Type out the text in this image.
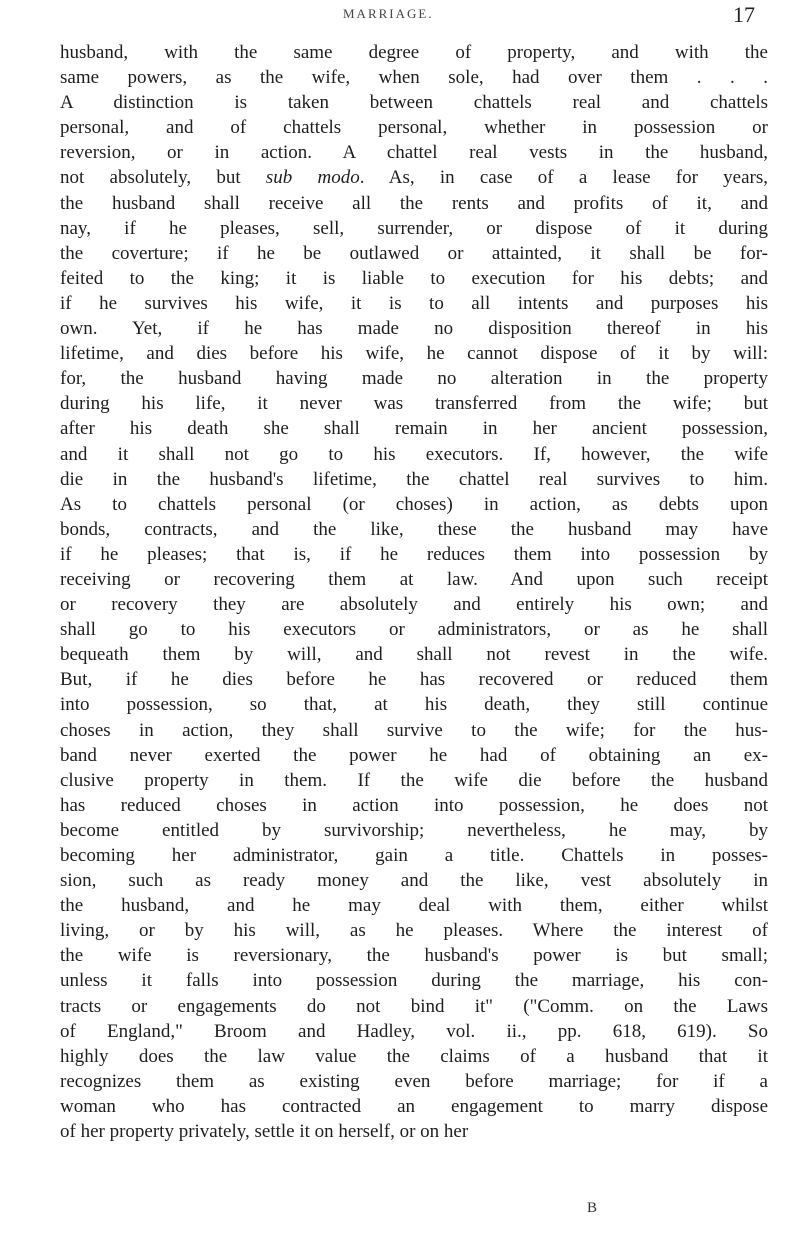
MARRIAGE.	17
husband, with the same degree of property, and with the
same powers, as the wife, when sole, had over them . . .
A distinction is taken between chattels real and chattels
personal, and of chattels personal, whether in possession or
reversion, or in action. A chattel real vests in the husband,
not absolutely, but sub modo. As, in case of a lease for years,
the husband shall receive all the rents and profits of it, and
nay, if he pleases, sell, surrender, or dispose of it during
the coverture; if he be outlawed or attainted, it shall be for-
feited to the king; it is liable to execution for his debts; and
if he survives his wife, it is to all intents and purposes his
own. Yet, if he has made no disposition thereof in his
lifetime, and dies before his wife, he cannot dispose of it by will:
for, the husband having made no alteration in the property
during his life, it never was transferred from the wife; but
after his death she shall remain in her ancient possession,
and it shall not go to his executors. If, however, the wife
die in the husband's lifetime, the chattel real survives to him.
As to chattels personal (or choses) in action, as debts upon
bonds, contracts, and the like, these the husband may have
if he pleases; that is, if he reduces them into possession by
receiving or recovering them at law. And upon such receipt
or recovery they are absolutely and entirely his own; and
shall go to his executors or administrators, or as he shall
bequeath them by will, and shall not revest in the wife.
But, if he dies before he has recovered or reduced them
into possession, so that, at his death, they still continue
choses in action, they shall survive to the wife; for the hus-
band never exerted the power he had of obtaining an ex-
clusive property in them. If the wife die before the husband
has reduced choses in action into possession, he does not
become entitled by survivorship; nevertheless, he may, by
becoming her administrator, gain a title. Chattels in posses-
sion, such as ready money and the like, vest absolutely in
the husband, and he may deal with them, either whilst
living, or by his will, as he pleases. Where the interest of
the wife is reversionary, the husband's power is but small;
unless it falls into possession during the marriage, his con-
tracts or engagements do not bind it" ("Comm. on the Laws
of England," Broom and Hadley, vol. ii., pp. 618, 619). So
highly does the law value the claims of a husband that it
recognizes them as existing even before marriage; for if a
woman who has contracted an engagement to marry dispose
of her property privately, settle it on herself, or on her
B
